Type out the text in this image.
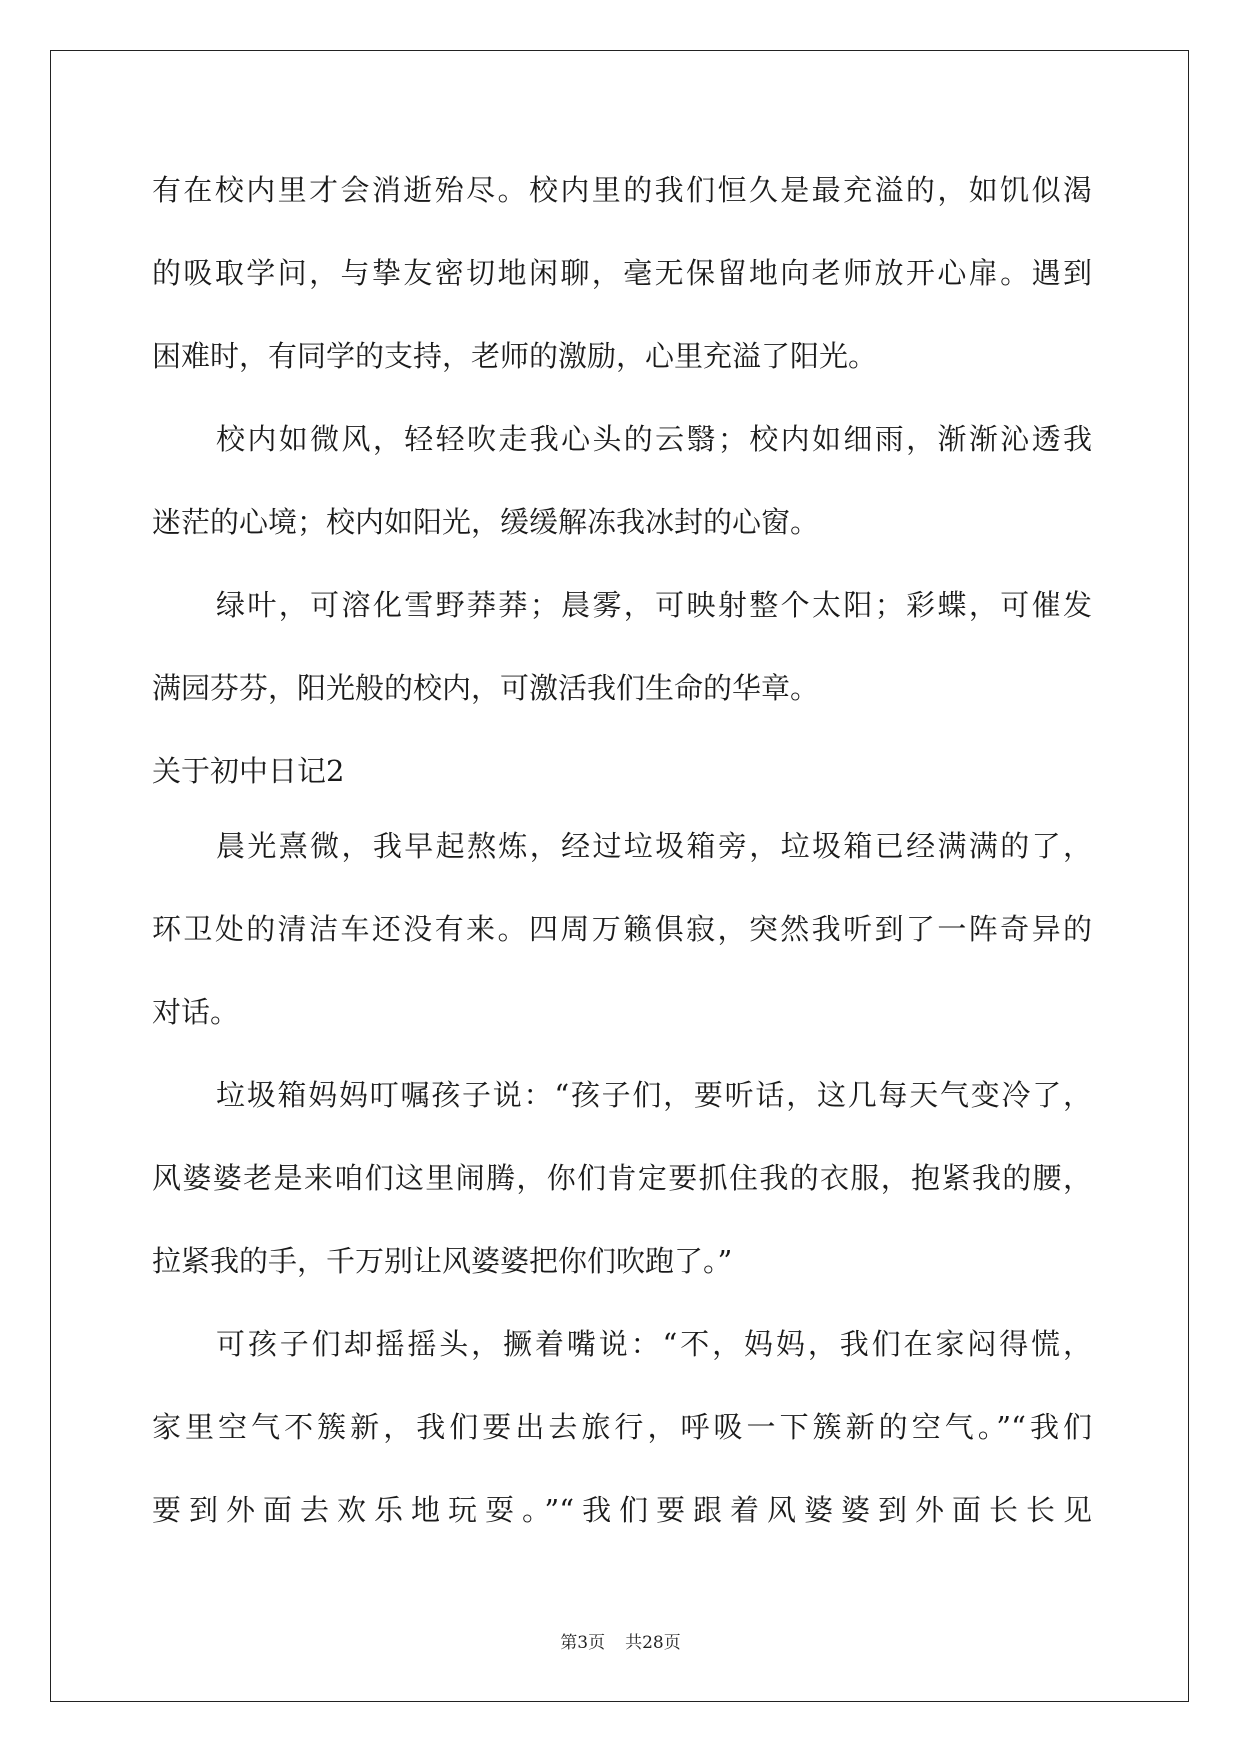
有在校内里才会消逝殆尽。校内里的我们恒久是最充溢的，如饥似渴
的吸取学问，与挚友密切地闲聊，毫无保留地向老师放开心扉。遇到
困难时，有同学的支持，老师的激励，心里充溢了阳光。
校内如微风，轻轻吹走我心头的云翳；校内如细雨，渐渐沁透我
迷茫的心境；校内如阳光，缓缓解冻我冰封的心窗。
绿叶，可溶化雪野莽莽；晨雾，可映射整个太阳；彩蝶，可催发
满园芬芬，阳光般的校内，可激活我们生命的华章。
关于初中日记2
晨光熹微，我早起熬炼，经过垃圾箱旁，垃圾箱已经满满的了，
环卫处的清洁车还没有来。四周万籁俱寂，突然我听到了一阵奇异的
对话。
垃圾箱妈妈叮嘱孩子说：“孩子们，要听话，这几每天气变冷了，
风婆婆老是来咱们这里闹腾，你们肯定要抓住我的衣服，抱紧我的腰，
拉紧我的手，千万别让风婆婆把你们吹跑了。”
可孩子们却摇摇头，撅着嘴说：“不，妈妈，我们在家闷得慌，
家里空气不簇新，我们要出去旅行，呼吸一下簇新的空气。”“我们
要到外面去欢乐地玩耍。”“我们要跟着风婆婆到外面长长见
第3页 共28页
